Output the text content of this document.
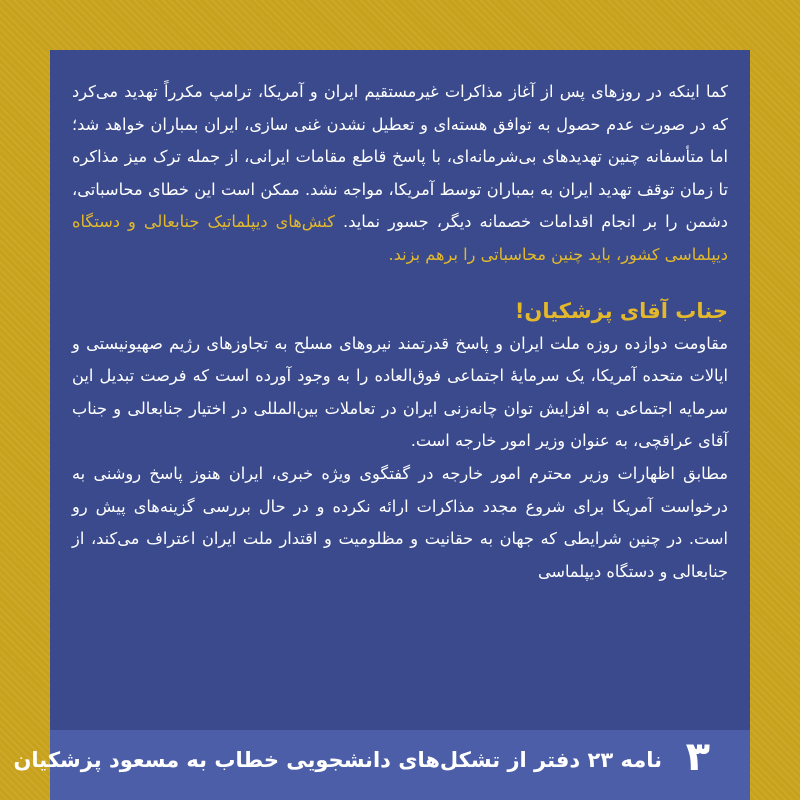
کما اینکه در روزهای پس از آغاز مذاکرات غیرمستقیم ایران و آمریکا، ترامپ مکرراً تهدید می‌کرد که در صورت عدم حصول به توافق هسته‌ای و تعطیل نشدن غنی سازی، ایران بمباران خواهد شد؛ اما متأسفانه چنین تهدیدهای بی‌شرمانه‌ای، با پاسخ قاطع مقامات ایرانی، از جمله ترک میز مذاکره تا زمان توقف تهدید ایران به بمباران توسط آمریکا، مواجه نشد. ممکن است این خطای محاسباتی، دشمن را بر انجام اقدامات خصمانه دیگر، جسور نماید. کنش‌های دیپلماتیک جنابعالی و دستگاه دیپلماسی کشور، باید چنین محاسباتی را برهم بزند.

جناب آقای پزشکیان!

مقاومت دوازده روزه ملت ایران و پاسخ قدرتمند نیروهای مسلح به تجاوزهای رژیم صهیونیستی و ایالات متحده آمریکا، یک سرمایهٔ اجتماعی فوق‌العاده را به وجود آورده است که فرصت تبدیل این سرمایه اجتماعی به افزایش توان چانه‌زنی ایران در تعاملات بین‌المللی در اختیار جنابعالی و جناب آقای عراقچی، به عنوان وزیر امور خارجه است.

مطابق اظهارات وزیر محترم امور خارجه در گفتگوی ویژه خبری، ایران هنوز پاسخ روشنی به درخواست آمریکا برای شروع مجدد مذاکرات ارائه نکرده و در حال بررسی گزینه‌های پیش رو است. در چنین شرایطی که جهان به حقانیت و مظلومیت و اقتدار ملت ایران اعتراف می‌کند، از جنابعالی و دستگاه دیپلماسی

نامه ۲۳ دفتر از تشکل‌های دانشجویی خطاب به مسعود پزشکیان ۳
